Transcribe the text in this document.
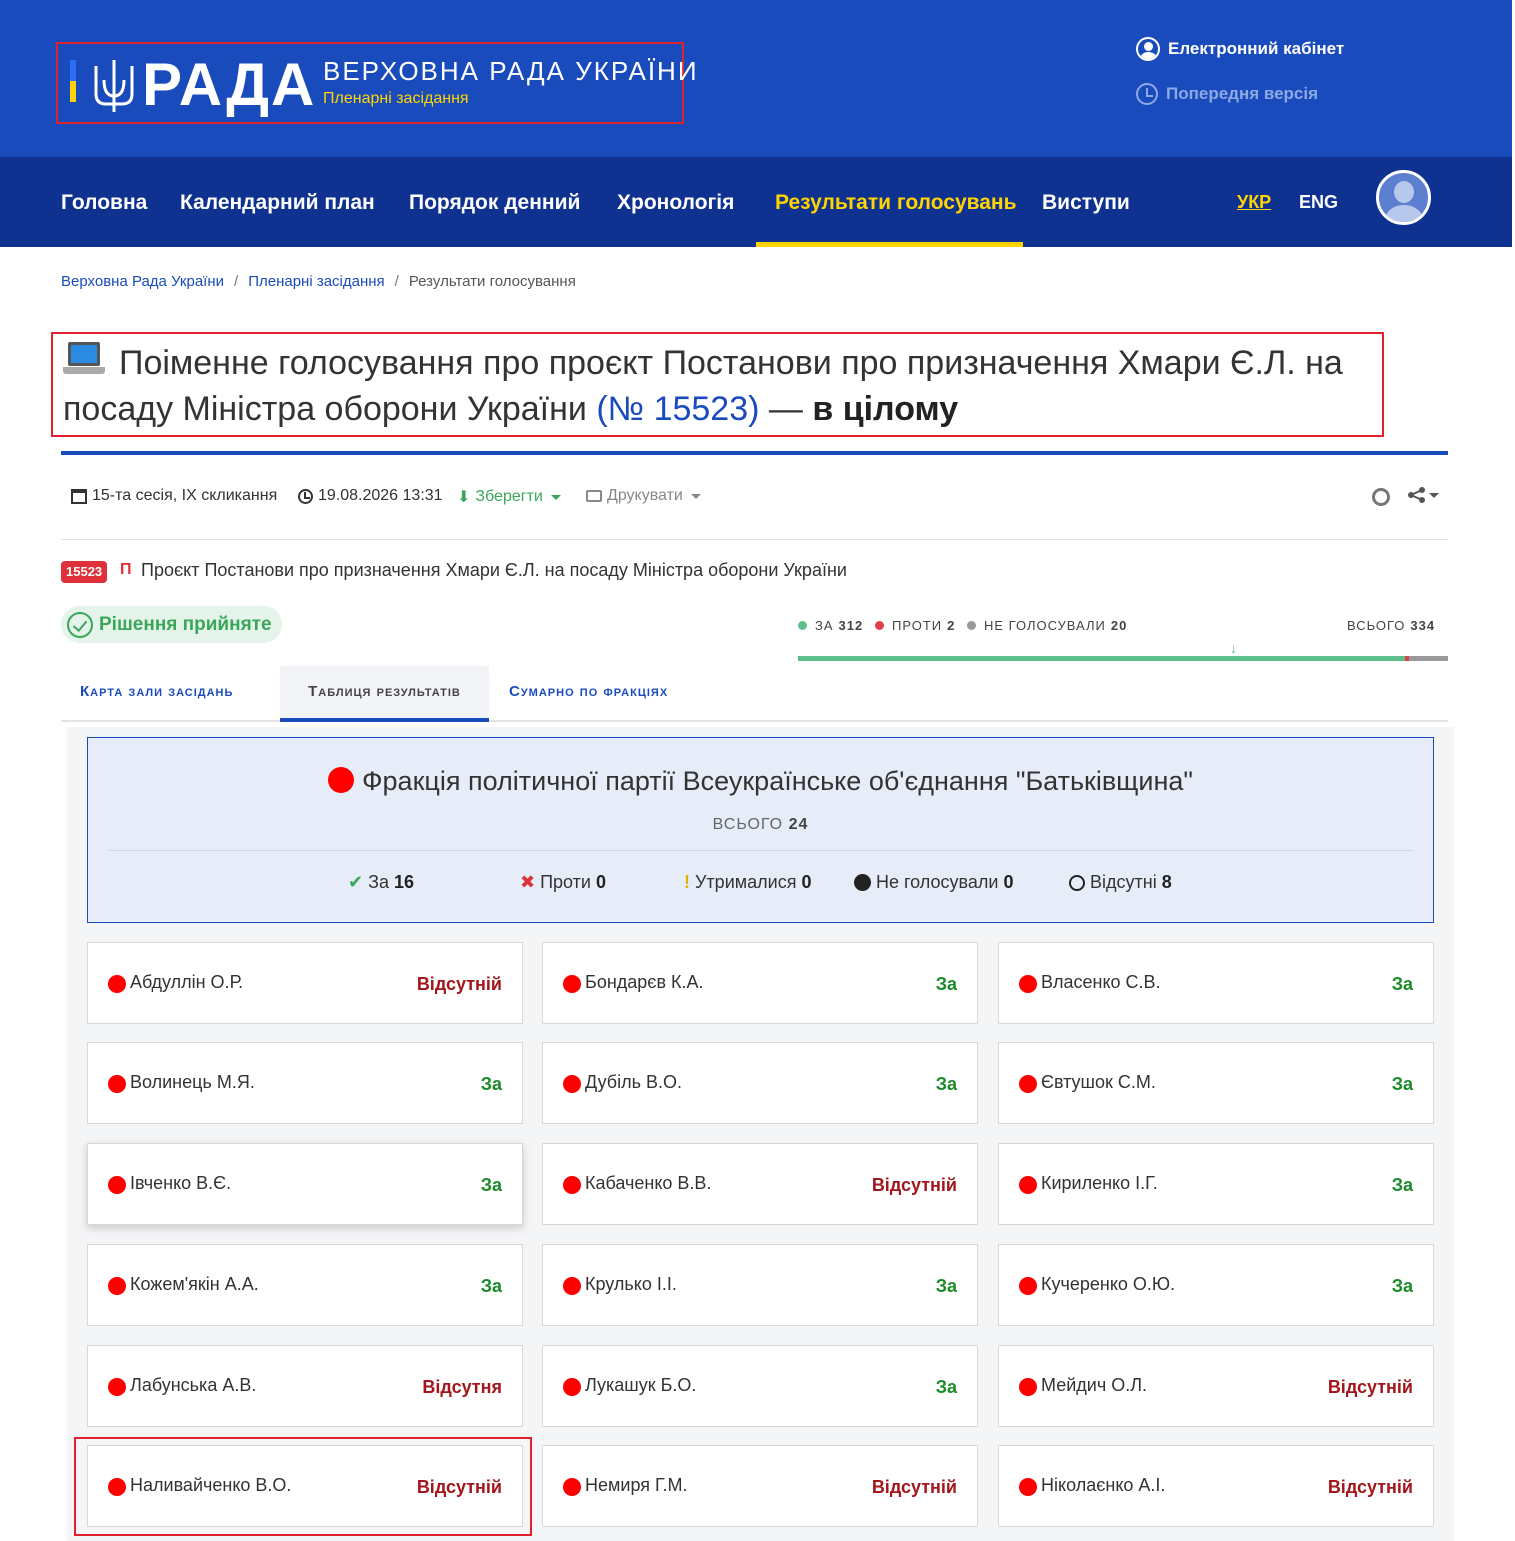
РАДА ВЕРХОВНА РАДА УКРАЇНИ
Пленарні засідання
Електронний кабінет
Попередня версія
Головна Календарний план Порядок денний Хронологія Результати голосувань Виступи	УКР ENG
Верховна Рада України / Пленарні засідання / Результати голосування
Поіменне голосування про проєкт Постанови про призначення Хмари Є.Л. на посаду Міністра оборони України (№ 15523) — в цілому
15-та сесія, IX скликання	19.08.2026 13:31 ⬇ Зберегти	Друкувати
15523	П Проєкт Постанови про призначення Хмари Є.Л. на посаду Міністра оборони України
Рішення прийняте	ЗА 312 ПРОТИ 2 НЕ ГОЛОСУВАЛИ 20	ВСЬОГО 334
↓
Карта зали засідань	Таблиця результатів	Сумарно по фракціях
Фракція політичної партії Всеукраїнське об'єднання "Батьківщина"
ВСЬОГО 24
✔ За 16	✖ Проти 0	! Утрималися 0	Не голосували 0	Відсутні 8
Абдуллін О.Р.	Відсутній	Бондарєв К.А.	За	Власенко С.В.	За
Волинець М.Я.	За	Дубіль В.О.	За	Євтушок С.М.	За
Івченко В.Є.	За	Кабаченко В.В.	Відсутній	Кириленко І.Г.	За
Кожем'якін А.А.	За	Крулько І.І.	За	Кучеренко О.Ю.	За
Лабунська А.В.	Відсутня	Лукашук Б.О.	За	Мейдич О.Л.	Відсутній
Наливайченко В.О.	Відсутній	Немиря Г.М.	Відсутній	Ніколаєнко А.І.	Відсутній
